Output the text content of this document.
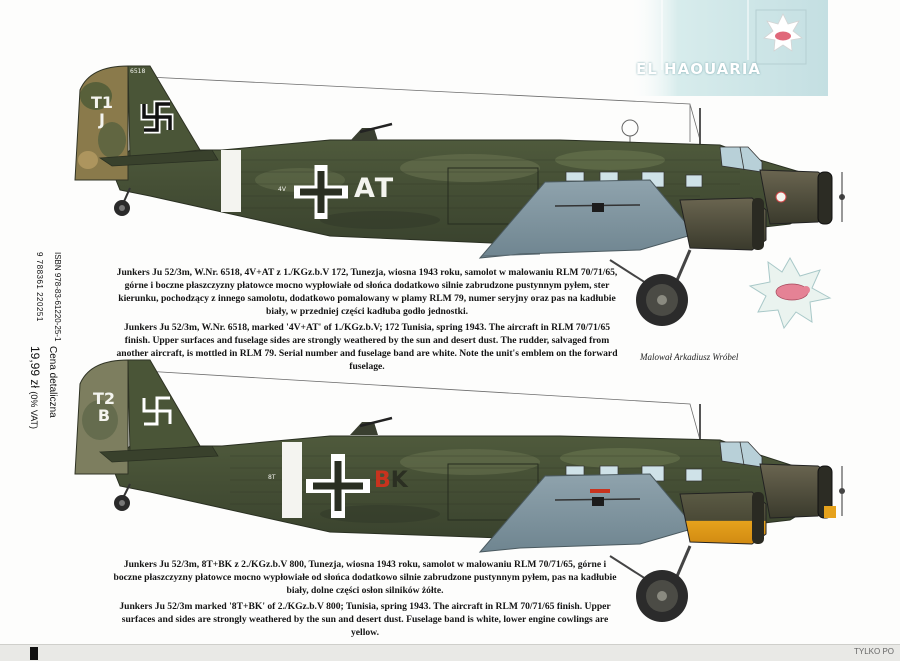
EL HAOUARIA
T1
J
6518
4V	AT
T2
B
8T	BK

Junkers Ju 52/3m, W.Nr. 6518, 4V+AT z 1./KGz.b.V 172, Tunezja, wiosna 1943 roku, samolot w malowaniu RLM 70/71/65, górne i boczne płaszczyzny płatowce mocno wypłowiałe od słońca dodatkowo silnie zabrudzone pustynnym pyłem, ster kierunku, pochodzący z innego samolotu, dodatkowo pomalowany w plamy RLM 79, numer seryjny oraz pas na kadłubie biały, w przedniej części kadłuba godło jednostki.

Junkers Ju 52/3m, W.Nr. 6518, marked '4V+AT' of 1./KGz.b.V; 172 Tunisia, spring 1943. The aircraft in RLM 70/71/65 finish. Upper surfaces and fuselage sides are strongly weathered by the sun and desert dust. The rudder, salvaged from another aircraft, is mottled in RLM 79. Serial number and fuselage band are white. Note the unit's emblem on the forward fuselage.

Malował Arkadiusz Wróbel

Junkers Ju 52/3m, 8T+BK z 2./KGz.b.V 800, Tunezja, wiosna 1943 roku, samolot w malowaniu RLM 70/71/65, górne i boczne płaszczyzny płatowce mocno wypłowiałe od słońca dodatkowo silnie zabrudzone pustynnym pyłem, pas na kadłubie biały, dolne części osłon silników żółte.

Junkers Ju 52/3m marked '8T+BK' of 2./KGz.b.V 800; Tunisia, spring 1943. The aircraft in RLM 70/71/65 finish. Upper surfaces and sides are strongly weathered by the sun and desert dust. Fuselage band is white, lower engine cowlings are yellow.

ISBN 978-83-61220-25-1
9 788361 220251
Cena detaliczna
19,99 zł (0% VAT)
TYLKO PO
